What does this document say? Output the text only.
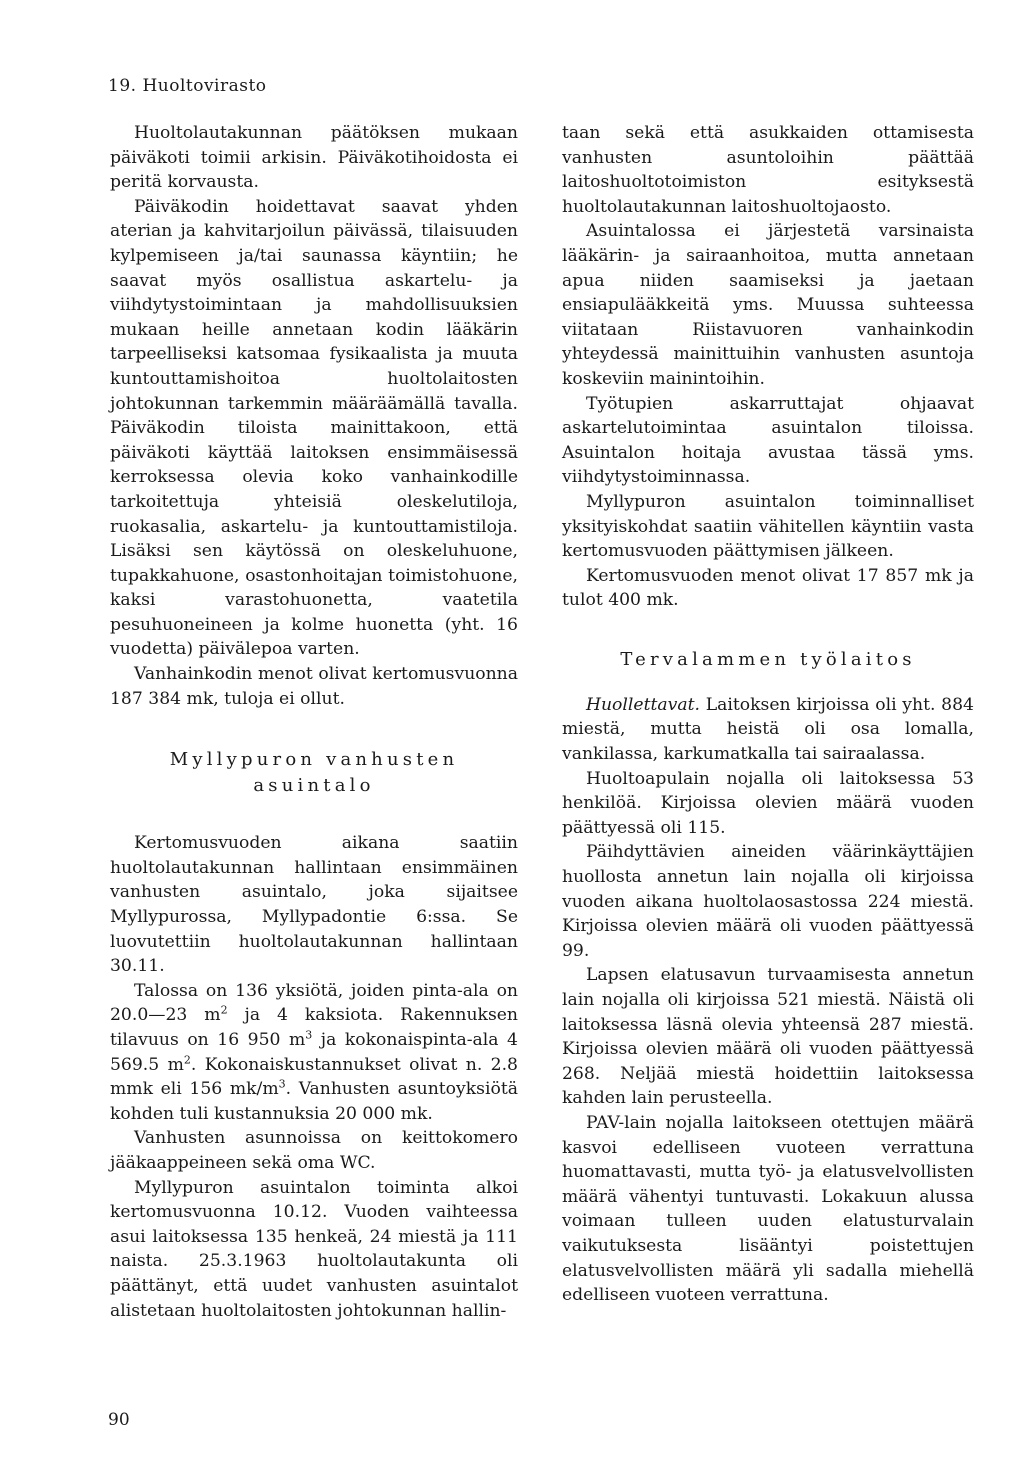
19. Huoltovirasto

Huoltolautakunnan päätöksen mukaan päiväkoti toimii arkisin. Päiväkotihoidosta ei peritä korvausta.

Päiväkodin hoidettavat saavat yhden aterian ja kahvitarjoilun päivässä, tilaisuuden kylpemiseen ja/tai saunassa käyntiin; he saavat myös osallistua askartelu- ja viihdytystoimintaan ja mahdollisuuksien mukaan heille annetaan kodin lääkärin tarpeelliseksi katsomaa fysikaalista ja muuta kuntouttamishoitoa huoltolaitosten johtokunnan tarkemmin määräämällä tavalla. Päiväkodin tiloista mainittakoon, että päiväkoti käyttää laitoksen ensimmäisessä kerroksessa olevia koko vanhainkodille tarkoitettuja yhteisiä oleskelutiloja, ruokasalia, askartelu- ja kuntouttamistiloja. Lisäksi sen käytössä on oleskeluhuone, tupakkahuone, osastonhoitajan toimistohuone, kaksi varastohuonetta, vaatetila pesuhuoneineen ja kolme huonetta (yht. 16 vuodetta) päivälepoa varten.

Vanhainkodin menot olivat kertomusvuonna 187 384 mk, tuloja ei ollut.

Myllypuron vanhusten
asuintalo

Kertomusvuoden aikana saatiin huoltolautakunnan hallintaan ensimmäinen vanhusten asuintalo, joka sijaitsee Myllypurossa, Myllypadontie 6:ssa. Se luovutettiin huoltolautakunnan hallintaan 30.11.

Talossa on 136 yksiötä, joiden pinta-ala on 20.0—23 $m^2$ ja 4 kaksiota. Rakennuksen tilavuus on 16 950 $m^3$ ja kokonaispinta-ala 4 569.5 $m^2$. Kokonaiskustannukset olivat n. 2.8 mmk eli 156 $mk/m^3$. Vanhusten asuntoyksiötä kohden tuli kustannuksia 20 000 mk.

Vanhusten asunnoissa on keittokomero jääkaappeineen sekä oma WC.

Myllypuron asuintalon toiminta alkoi kertomusvuonna 10.12. Vuoden vaihteessa asui laitoksessa 135 henkeä, 24 miestä ja 111 naista. 25.3.1963 huoltolautakunta oli päättänyt, että uudet vanhusten asuintalot alistetaan huoltolaitosten johtokunnan hallin-

taan sekä että asukkaiden ottamisesta vanhusten asuntoloihin päättää laitoshuoltotoimiston esityksestä huoltolautakunnan laitoshuoltojaosto.

Asuintalossa ei järjestetä varsinaista lääkärin- ja sairaanhoitoa, mutta annetaan apua niiden saamiseksi ja jaetaan ensiapulääkkeitä yms. Muussa suhteessa viitataan Riistavuoren vanhainkodin yhteydessä mainittuihin vanhusten asuntoja koskeviin mainintoihin.

Työtupien askarruttajat ohjaavat askartelutoimintaa asuintalon tiloissa. Asuintalon hoitaja avustaa tässä yms. viihdytystoiminnassa.

Myllypuron asuintalon toiminnalliset yksityiskohdat saatiin vähitellen käyntiin vasta kertomusvuoden päättymisen jälkeen.

Kertomusvuoden menot olivat 17 857 mk ja tulot 400 mk.

Tervalammen työlaitos

Huollettavat. Laitoksen kirjoissa oli yht. 884 miestä, mutta heistä oli osa lomalla, vankilassa, karkumatkalla tai sairaalassa.

Huoltoapulain nojalla oli laitoksessa 53 henkilöä. Kirjoissa olevien määrä vuoden päättyessä oli 115.

Päihdyttävien aineiden väärinkäyttäjien huollosta annetun lain nojalla oli kirjoissa vuoden aikana huoltolaosastossa 224 miestä. Kirjoissa olevien määrä oli vuoden päättyessä 99.

Lapsen elatusavun turvaamisesta annetun lain nojalla oli kirjoissa 521 miestä. Näistä oli laitoksessa läsnä olevia yhteensä 287 miestä. Kirjoissa olevien määrä oli vuoden päättyessä 268. Neljää miestä hoidettiin laitoksessa kahden lain perusteella.

PAV-lain nojalla laitokseen otettujen määrä kasvoi edelliseen vuoteen verrattuna huomattavasti, mutta työ- ja elatusvelvollisten määrä vähentyi tuntuvasti. Lokakuun alussa voimaan tulleen uuden elatusturvalain vaikutuksesta lisääntyi poistettujen elatusvelvollisten määrä yli sadalla miehellä edelliseen vuoteen verrattuna.

90
